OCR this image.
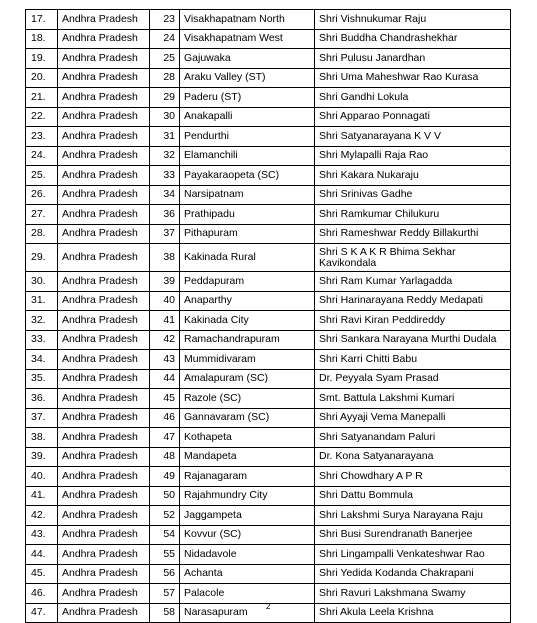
17.	Andhra Pradesh	23	Visakhapatnam North	Shri Vishnukumar Raju
18.	Andhra Pradesh	24	Visakhapatnam West	Shri Buddha Chandrashekhar
19.	Andhra Pradesh	25	Gajuwaka	Shri Pulusu Janardhan
20.	Andhra Pradesh	28	Araku Valley (ST)	Shri Uma Maheshwar Rao Kurasa
21.	Andhra Pradesh	29	Paderu (ST)	Shri Gandhi Lokula
22.	Andhra Pradesh	30	Anakapalli	Shri Apparao Ponnagati
23.	Andhra Pradesh	31	Pendurthi	Shri Satyanarayana K V V
24.	Andhra Pradesh	32	Elamanchili	Shri Mylapalli Raja Rao
25.	Andhra Pradesh	33	Payakaraopeta (SC)	Shri Kakara Nukaraju
26.	Andhra Pradesh	34	Narsipatnam	Shri Srinivas Gadhe
27.	Andhra Pradesh	36	Prathipadu	Shri Ramkumar Chilukuru
28.	Andhra Pradesh	37	Pithapuram	Shri Rameshwar Reddy Billakurthi
29.	Andhra Pradesh	38	Kakinada Rural	Shri S K A K R Bhima Sekhar Kavikondala
30.	Andhra Pradesh	39	Peddapuram	Shri Ram Kumar Yarlagadda
31.	Andhra Pradesh	40	Anaparthy	Shri Harinarayana Reddy Medapati
32.	Andhra Pradesh	41	Kakinada City	Shri Ravi Kiran Peddireddy
33.	Andhra Pradesh	42	Ramachandrapuram	Shri Sankara Narayana Murthi Dudala
34.	Andhra Pradesh	43	Mummidivaram	Shri Karri Chitti Babu
35.	Andhra Pradesh	44	Amalapuram (SC)	Dr. Peyyala Syam Prasad
36.	Andhra Pradesh	45	Razole (SC)	Smt. Battula Lakshmi Kumari
37.	Andhra Pradesh	46	Gannavaram (SC)	Shri Ayyaji Vema Manepalli
38.	Andhra Pradesh	47	Kothapeta	Shri Satyanandam Paluri
39.	Andhra Pradesh	48	Mandapeta	Dr. Kona Satyanarayana
40.	Andhra Pradesh	49	Rajanagaram	Shri Chowdhary A P R
41.	Andhra Pradesh	50	Rajahmundry City	Shri Dattu Bommula
42.	Andhra Pradesh	52	Jaggampeta	Shri Lakshmi Surya Narayana Raju
43.	Andhra Pradesh	54	Kovvur (SC)	Shri Busi Surendranath Banerjee
44.	Andhra Pradesh	55	Nidadavole	Shri Lingampalli Venkateshwar Rao
45.	Andhra Pradesh	56	Achanta	Shri Yedida Kodanda Chakrapani
46.	Andhra Pradesh	57	Palacole	Shri Ravuri Lakshmana Swamy
47.	Andhra Pradesh	58	Narasapuram	Shri Akula Leela Krishna
2
